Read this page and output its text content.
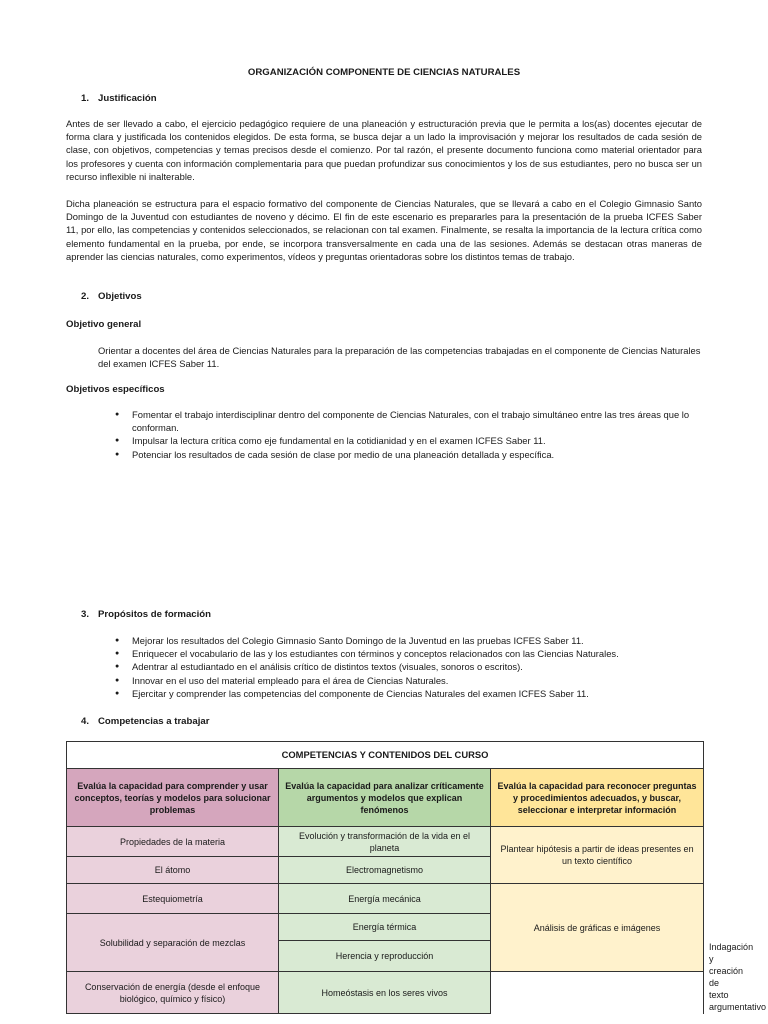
ORGANIZACIÓN COMPONENTE DE CIENCIAS NATURALES
1. Justificación
Antes de ser llevado a cabo, el ejercicio pedagógico requiere de una planeación y estructuración previa que le permita a los(as) docentes ejecutar de forma clara y justificada los contenidos elegidos. De esta forma, se busca dejar a un lado la improvisación y mejorar los resultados de cada sesión de clase, con objetivos, competencias y temas precisos desde el comienzo. Por tal razón, el presente documento funciona como material orientador para los profesores y cuenta con información complementaria para que puedan profundizar sus conocimientos y los de sus estudiantes, pero no busca ser un recurso inflexible ni inalterable.
Dicha planeación se estructura para el espacio formativo del componente de Ciencias Naturales, que se llevará a cabo en el Colegio Gimnasio Santo Domingo de la Juventud con estudiantes de noveno y décimo. El fin de este escenario es prepararles para la presentación de la prueba ICFES Saber 11, por ello, las competencias y contenidos seleccionados, se relacionan con tal examen. Finalmente, se resalta la importancia de la lectura crítica como elemento fundamental en la prueba, por ende, se incorpora transversalmente en cada una de las sesiones. Además se destacan otras maneras de aprender las ciencias naturales, como experimentos, vídeos y preguntas orientadoras sobre los distintos temas de trabajo.
2. Objetivos
Objetivo general
Orientar a docentes del área de Ciencias Naturales para la preparación de las competencias trabajadas en el componente de Ciencias Naturales del examen ICFES Saber 11.
Objetivos específicos
● Fomentar el trabajo interdisciplinar dentro del componente de Ciencias Naturales, con el trabajo simultáneo entre las tres áreas que lo conforman.
● Impulsar la lectura crítica como eje fundamental en la cotidianidad y en el examen ICFES Saber 11.
● Potenciar los resultados de cada sesión de clase por medio de una planeación detallada y específica.
3. Propósitos de formación
● Mejorar los resultados del Colegio Gimnasio Santo Domingo de la Juventud en las pruebas ICFES Saber 11.
● Enriquecer el vocabulario de las y los estudiantes con términos y conceptos relacionados con las Ciencias Naturales.
● Adentrar al estudiantado en el análisis crítico de distintos textos (visuales, sonoros o escritos).
● Innovar en el uso del material empleado para el área de Ciencias Naturales.
● Ejercitar y comprender las competencias del componente de Ciencias Naturales del examen ICFES Saber 11.
4. Competencias a trabajar
COMPETENCIAS Y CONTENIDOS DEL CURSO			
Evalúa la capacidad para comprender y usar conceptos, teorías y modelos para solucionar problemas	Evalúa la capacidad para analizar críticamente argumentos y modelos que explican fenómenos	Evalúa la capacidad para reconocer preguntas y procedimientos adecuados, y buscar, seleccionar e interpretar información	
Propiedades de la materia	Evolución y transformación de la vida en el planeta	Plantear hipótesis a partir de ideas presentes en un texto científico	
El átomo	Electromagnetismo		
Estequiometría	Energía mecánica	Análisis de gráficas e imágenes	
Solubilidad y separación de mezclas	Energía térmica		
	Herencia y reproducción		Indagación y creación de texto argumentativo
Conservación de energía (desde el enfoque biológico, químico y físico)	Homeóstasis en los seres vivos		
